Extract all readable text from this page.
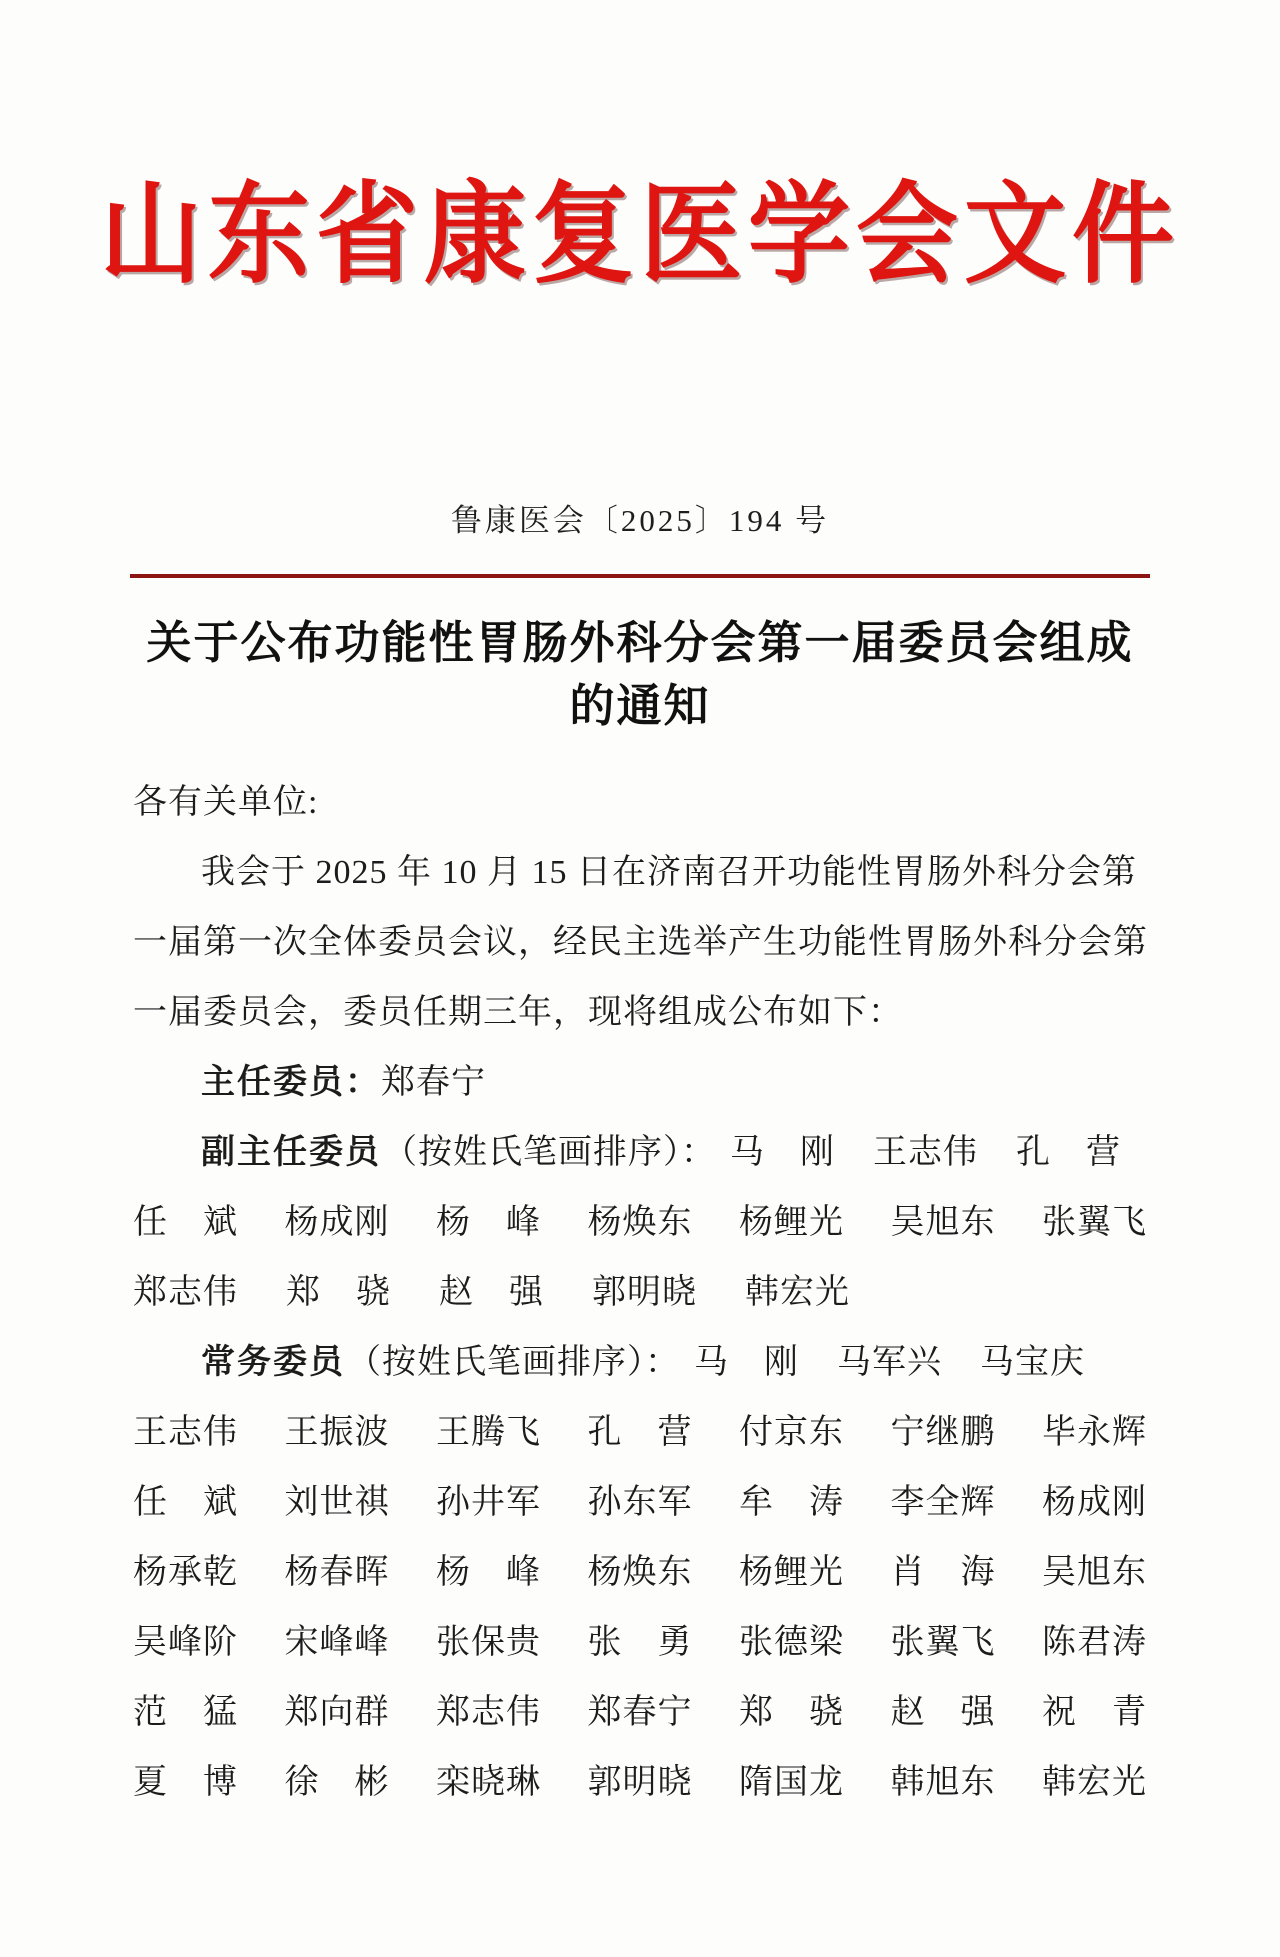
山东省康复医学会文件
鲁康医会〔2025〕194 号
关于公布功能性胃肠外科分会第一届委员会组成
的通知

各有关单位:

我会于 2025 年 10 月 15 日在济南召开功能性胃肠外科分会第

一届第一次全体委员会议，经民主选举产生功能性胃肠外科分会第

一届委员会，委员任期三年，现将组成公布如下：

主任委员：郑春宁

副主任委员 （按姓氏笔画排序）： 马　刚 王志伟 孔　营
任　斌 杨成刚 杨　峰 杨焕东 杨鲤光 吴旭东 张翼飞
郑志伟 郑　骁 赵　强 郭明晓 韩宏光
常务委员 （按姓氏笔画排序）： 马　刚 马军兴 马宝庆
王志伟 王振波 王腾飞 孔　营 付京东 宁继鹏 毕永辉
任　斌 刘世祺 孙井军 孙东军 牟　涛 李全辉 杨成刚
杨承乾 杨春晖 杨　峰 杨焕东 杨鲤光 肖　海 吴旭东
吴峰阶 宋峰峰 张保贵 张　勇 张德梁 张翼飞 陈君涛
范　猛 郑向群 郑志伟 郑春宁 郑　骁 赵　强 祝　青
夏　博 徐　彬 栾晓琳 郭明晓 隋国龙 韩旭东 韩宏光
